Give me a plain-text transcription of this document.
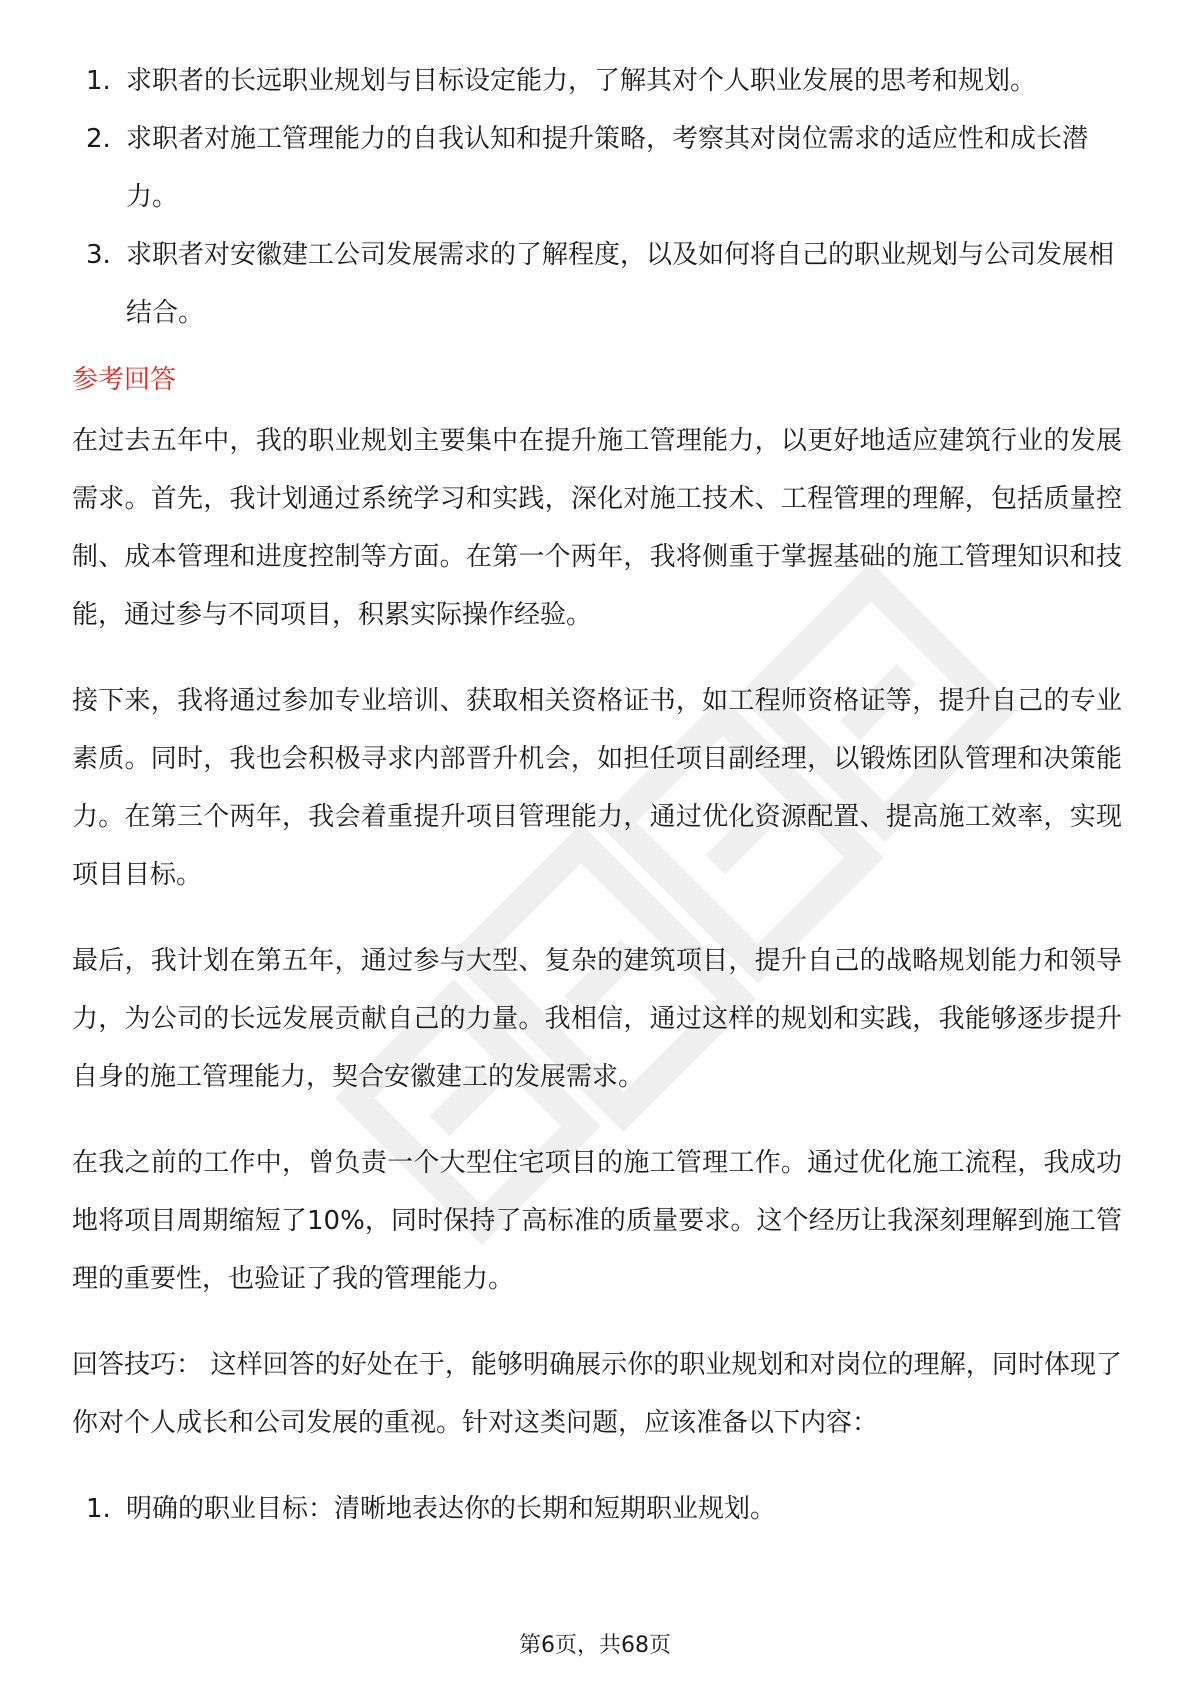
1. 求职者的长远职业规划与目标设定能力，了解其对个人职业发展的思考和规划。
2. 求职者对施工管理能力的自我认知和提升策略，考察其对岗位需求的适应性和成长潜力。
3. 求职者对安徽建工公司发展需求的了解程度，以及如何将自己的职业规划与公司发展相结合。
参考回答

在过去五年中，我的职业规划主要集中在提升施工管理能力，以更好地适应建筑行业的发展需求。首先，我计划通过系统学习和实践，深化对施工技术、工程管理的理解，包括质量控制、成本管理和进度控制等方面。在第一个两年，我将侧重于掌握基础的施工管理知识和技能，通过参与不同项目，积累实际操作经验。

接下来，我将通过参加专业培训、获取相关资格证书，如工程师资格证等，提升自己的专业素质。同时，我也会积极寻求内部晋升机会，如担任项目副经理，以锻炼团队管理和决策能力。在第三个两年，我会着重提升项目管理能力，通过优化资源配置、提高施工效率，实现项目目标。

最后，我计划在第五年，通过参与大型、复杂的建筑项目，提升自己的战略规划能力和领导力，为公司的长远发展贡献自己的力量。我相信，通过这样的规划和实践，我能够逐步提升自身的施工管理能力，契合安徽建工的发展需求。

在我之前的工作中，曾负责一个大型住宅项目的施工管理工作。通过优化施工流程，我成功地将项目周期缩短了10%，同时保持了高标准的质量要求。这个经历让我深刻理解到施工管理的重要性，也验证了我的管理能力。

回答技巧： 这样回答的好处在于，能够明确展示你的职业规划和对岗位的理解，同时体现了你对个人成长和公司发展的重视。针对这类问题，应该准备以下内容：

1. 明确的职业目标：清晰地表达你的长期和短期职业规划。
第6页，共68页
